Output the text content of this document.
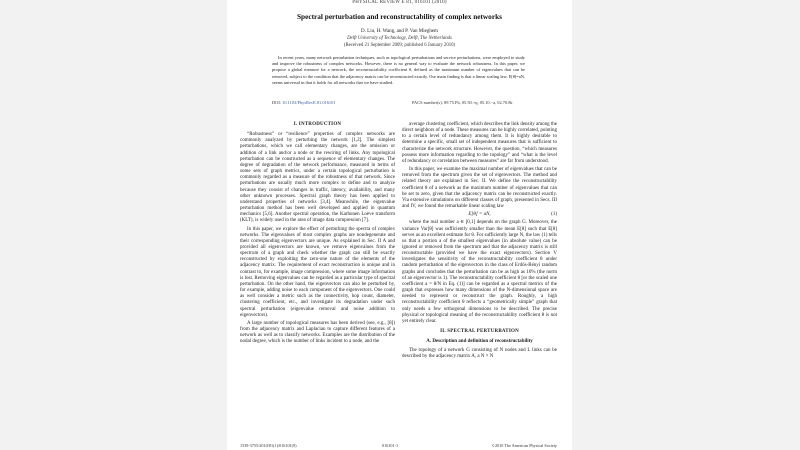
PHYSICAL REVIEW E 81, 016101 (2010)
Spectral perturbation and reconstructability of complex networks
D. Liu, H. Wang, and P. Van Mieghem
Delft University of Technology, Delft, The Netherlands
(Received 21 September 2009; published 6 January 2010)
In recent years, many network perturbation techniques, such as topological perturbations and service perturbations, were employed to study and improve the robustness of complex networks. However, there is no general way to evaluate the network robustness. In this paper, we propose a global measure for a network, the reconstructability coefficient θ, defined as the maximum number of eigenvalues that can be removed, subject to the condition that the adjacency matrix can be reconstructed exactly. Our main finding is that a linear scaling law, E[θ]=aN, seems universal in that it holds for all networks that we have studied.
DOI: 10.1103/PhysRevE.81.016101	PACS number(s): 89.75.Fb, 05.50.+q, 05.10.−a, 02.70.Rr
I. INTRODUCTION

“Robustness” or “resilience” properties of complex networks are commonly analyzed by perturbing the network [1,2]. The simplest perturbations, which we call elementary changes, are the omission or addition of a link and/or a node or the rewiring of links. Any topological perturbation can be constructed as a sequence of elementary changes. The degree of degradation of the network performance, measured in terms of some sets of graph metrics, under a certain topological perturbation is commonly regarded as a measure of the robustness of that network. Since perturbations are usually much more complex to define and to analyze because they consist of changes in traffic, latency, availability, and many other unknown processes. Spectral graph theory has been applied to understand properties of networks [3,4]. Meanwhile, the eigenvalue perturbation method has been well developed and applied in quantum mechanics [5,6]. Another spectral operation, the Karhunen Loève transform (KLT), is widely used in the area of image data compression [7].

In this paper, we explore the effect of perturbing the spectra of complex networks. The eigenvalues of most complex graphs are nondegenerate and their corresponding eigenvectors are unique. As explained in Sec. II A and provided all eigenvectors are known, we remove eigenvalues from the spectrum of a graph and check whether the graph can still be exactly reconstructed by exploiting the zero-one nature of the elements of the adjacency matrix. The requirement of exact reconstruction is unique and in contrast to, for example, image compression, where some image information is lost. Removing eigenvalues can be regarded as a particular type of spectral perturbation. On the other hand, the eigenvectors can also be perturbed by, for example, adding noise to each component of the eigenvectors. One could as well consider a metric such as the connectivity, hop count, diameter, clustering coefficient, etc., and investigate its degradation under such spectral perturbation (eigenvalue removal and noise addition to eigenvectors).

A large number of topological measures has been derived (see, e.g., [8]) from the adjacency matrix and Laplacian to capture different features of a network as well as to classify networks. Examples are the distribution of the nodal degree, which is the number of links incident to a node, and the

average clustering coefficient, which describes the link density among the direct neighbors of a node. These measures can be highly correlated, pointing to a certain level of redundancy among them. It is highly desirable to determine a specific, small set of independent measures that is sufficient to characterize the network structure. However, the question, “which measures possess more information regarding to the topology” and “what is the level of redundancy or correlation between measures” are far from understood.

In this paper, we examine the maximal number of eigenvalues that can be removed from the spectrum given the set of eigenvectors. The method and related theory are explained in Sec. II. We define the reconstructability coefficient θ of a network as the maximum number of eigenvalues that can be set to zero, given that the adjacency matrix can be reconstructed exactly. Via extensive simulations on different classes of graph, presented in Secs. III and IV, we found the remarkable linear scaling law

E[θ] = aN,	(1)

where the real number a ∈ [0,1] depends on the graph G. Moreover, the variance Var[θ] was sufficiently smaller than the mean E[θ] such that E[θ] serves as an excellent estimate for θ. For sufficiently large N, the law (1) tells us that a portion a of the smallest eigenvalues (in absolute value) can be ignored or removed from the spectrum and that the adjacency matrix is still reconstructable (provided we have the exact eigenvectors). Section V investigates the sensitivity of the reconstructability coefficient θ under random perturbation of the eigenvectors in the class of Erdős-Rényi random graphs and concludes that the perturbation can be as high as 10% (the norm of an eigenvector is 1). The reconstructability coefficient θ [or the scaled one coefficient a = θ/N in Eq. (1)] can be regarded as a spectral metrics of the graph that expresses how many dimensions of the N-dimensional space are needed to represent or reconstruct the graph. Roughly, a high reconstructability coefficient θ reflects a “geometrically simple” graph that only needs a few orthogonal dimensions to be described. The precise physical or topological meaning of the reconstructability coefficient θ is not yet entirely clear.

II. SPECTRAL PERTURBATION
A. Description and definition of reconstructability

The topology of a network G consisting of N nodes and L links can be described by the adjacency matrix A, a N × N

1539-3755/2010/81(1)/016101(9)	016101-1	©2010 The American Physical Society
